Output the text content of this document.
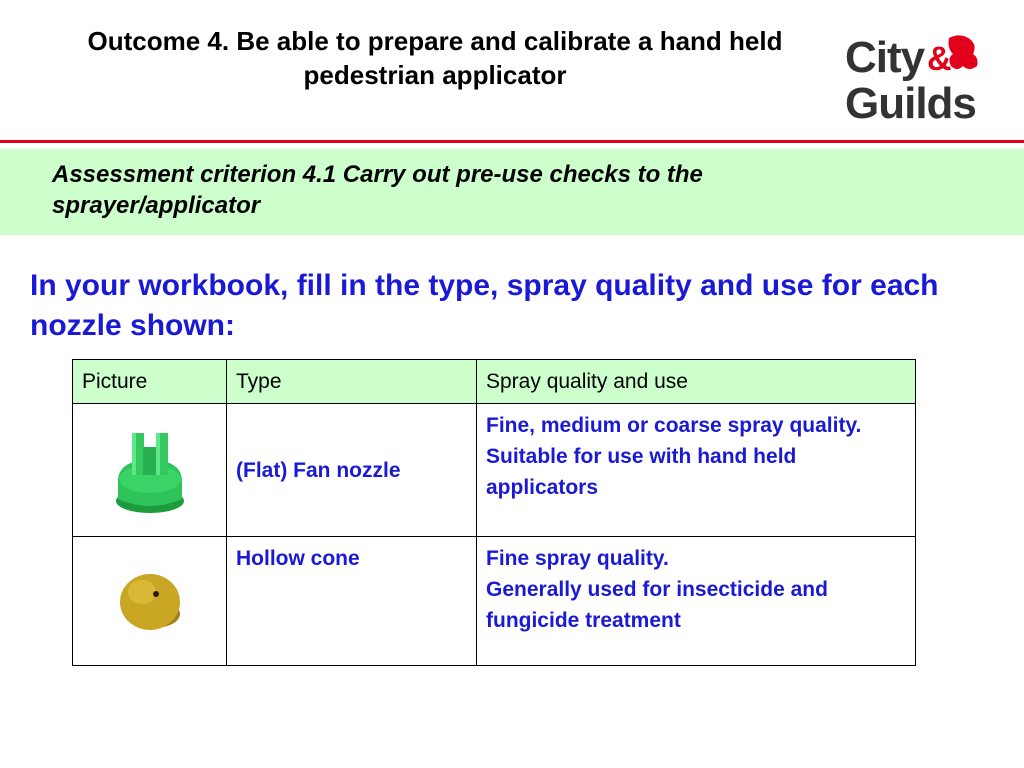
Outcome 4. Be able to prepare and calibrate a hand held pedestrian applicator	City &
Guilds
Assessment criterion 4.1 Carry out pre-use checks to the sprayer/applicator
In your workbook, fill in the type, spray quality and use for each nozzle shown:
Picture	Type	Spray quality and use
	(Flat) Fan nozzle	Fine, medium or coarse spray quality.
Suitable for use with hand held applicators

	Hollow cone	Fine spray quality.
Generally used for insecticide and fungicide treatment
